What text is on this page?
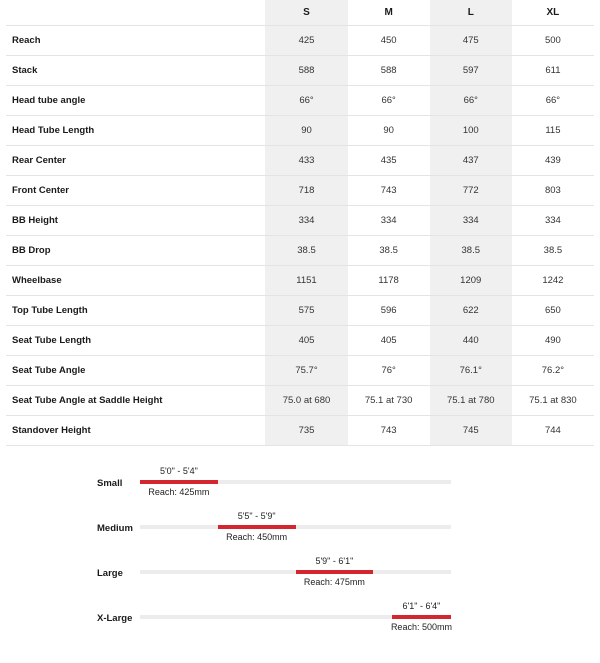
	S	M	L	XL
Reach	425	450	475	500
Stack	588	588	597	611
Head tube angle	66°	66°	66°	66°
Head Tube Length	90	90	100	115
Rear Center	433	435	437	439
Front Center	718	743	772	803
BB Height	334	334	334	334
BB Drop	38.5	38.5	38.5	38.5
Wheelbase	1151	1178	1209	1242
Top Tube Length	575	596	622	650
Seat Tube Length	405	405	440	490
Seat Tube Angle	75.7°	76°	76.1°	76.2°
Seat Tube Angle at Saddle Height	75.0 at 680	75.1 at 730	75.1 at 780	75.1 at 830
Standover Height	735	743	745	744
Small
5'0" - 5'4"
Reach: 425mm
Medium
5'5" - 5'9"
Reach: 450mm
Large
5'9" - 6'1"
Reach: 475mm
X-Large
6'1" - 6'4"
Reach: 500mm
